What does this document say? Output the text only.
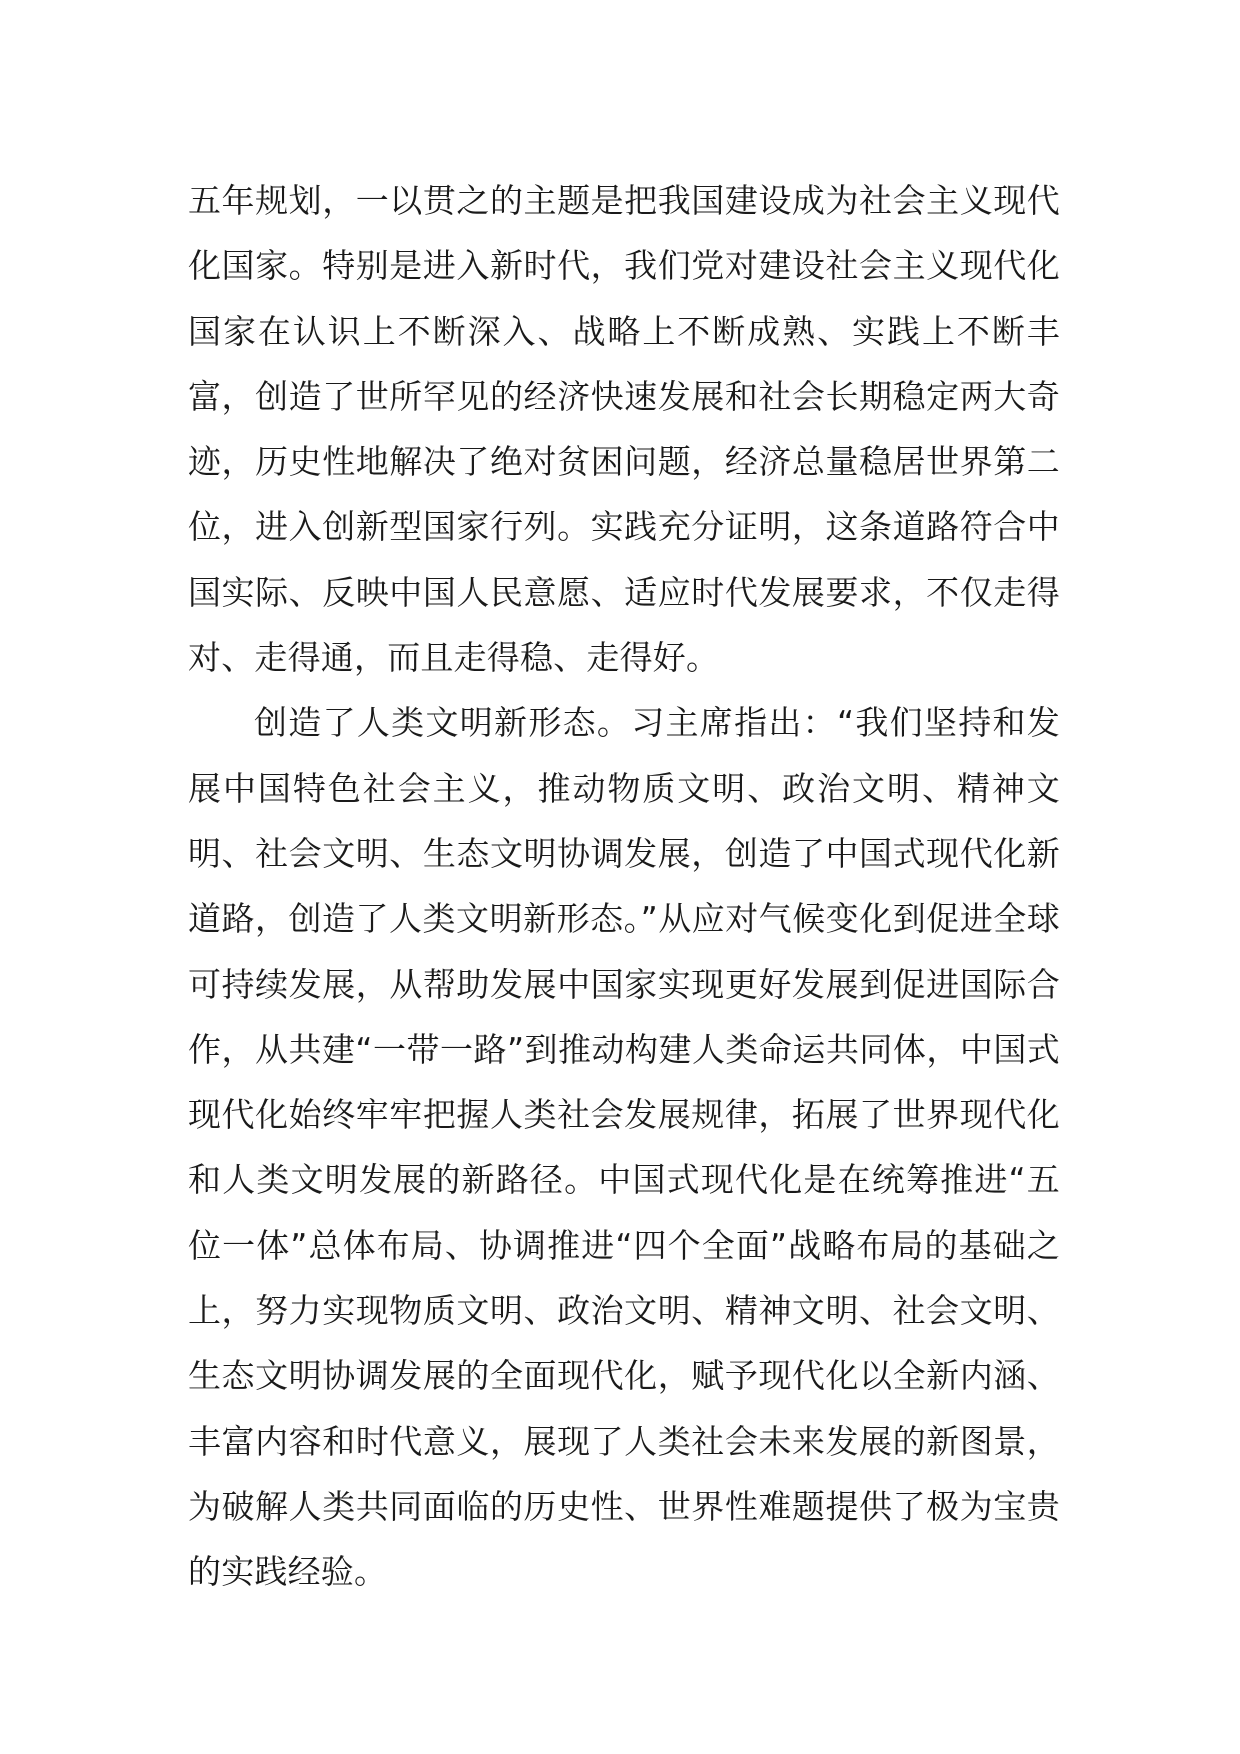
五年规划，一以贯之的主题是把我国建设成为社会主义现代化国家。特别是进入新时代，我们党对建设社会主义现代化国家在认识上不断深入、战略上不断成熟、实践上不断丰富，创造了世所罕见的经济快速发展和社会长期稳定两大奇迹，历史性地解决了绝对贫困问题，经济总量稳居世界第二位，进入创新型国家行列。实践充分证明，这条道路符合中国实际、反映中国人民意愿、适应时代发展要求，不仅走得对、走得通，而且走得稳、走得好。

创造了人类文明新形态。习主席指出：“我们坚持和发展中国特色社会主义，推动物质文明、政治文明、精神文明、社会文明、生态文明协调发展，创造了中国式现代化新道路，创造了人类文明新形态。”从应对气候变化到促进全球可持续发展，从帮助发展中国家实现更好发展到促进国际合作，从共建“一带一路”到推动构建人类命运共同体，中国式现代化始终牢牢把握人类社会发展规律，拓展了世界现代化和人类文明发展的新路径。中国式现代化是在统筹推进“五位一体”总体布局、协调推进“四个全面”战略布局的基础之上，努力实现物质文明、政治文明、精神文明、社会文明、生态文明协调发展的全面现代化，赋予现代化以全新内涵、丰富内容和时代意义，展现了人类社会未来发展的新图景，为破解人类共同面临的历史性、世界性难题提供了极为宝贵的实践经验。
